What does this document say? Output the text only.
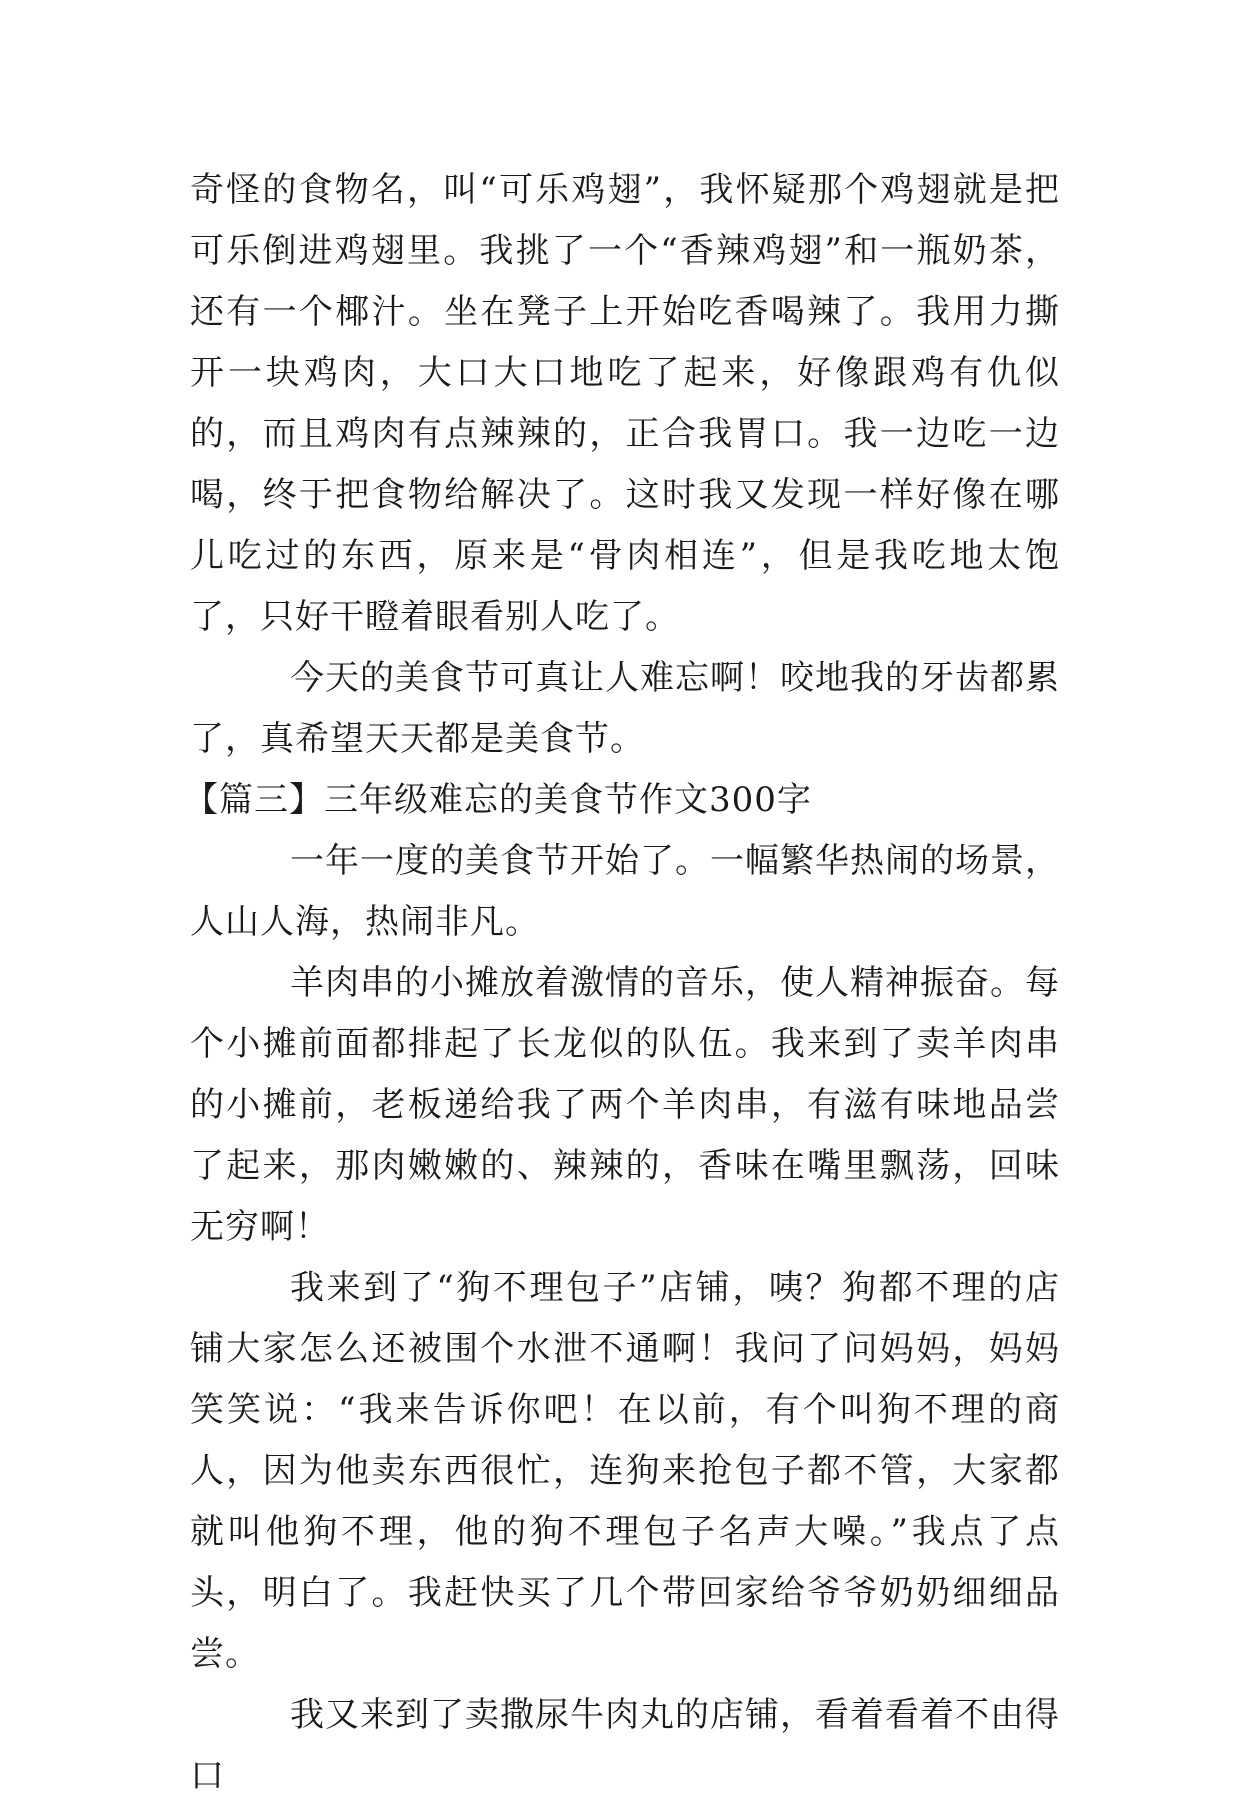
奇怪的食物名，叫“可乐鸡翅”，我怀疑那个鸡翅就是把可乐倒进鸡翅里。我挑了一个“香辣鸡翅”和一瓶奶茶，还有一个椰汁。坐在凳子上开始吃香喝辣了。我用力撕开一块鸡肉，大口大口地吃了起来，好像跟鸡有仇似的，而且鸡肉有点辣辣的，正合我胃口。我一边吃一边喝，终于把食物给解决了。这时我又发现一样好像在哪儿吃过的东西，原来是“骨肉相连”，但是我吃地太饱了，只好干瞪着眼看别人吃了。

今天的美食节可真让人难忘啊！咬地我的牙齿都累了，真希望天天都是美食节。

【篇三】三年级难忘的美食节作文300字

一年一度的美食节开始了。一幅繁华热闹的场景，人山人海，热闹非凡。

羊肉串的小摊放着激情的音乐，使人精神振奋。每个小摊前面都排起了长龙似的队伍。我来到了卖羊肉串的小摊前，老板递给我了两个羊肉串，有滋有味地品尝了起来，那肉嫩嫩的、辣辣的，香味在嘴里飘荡，回味无穷啊！

我来到了“狗不理包子”店铺，咦？狗都不理的店铺大家怎么还被围个水泄不通啊！我问了问妈妈，妈妈笑笑说：“我来告诉你吧！在以前，有个叫狗不理的商人，因为他卖东西很忙，连狗来抢包子都不管，大家都就叫他狗不理，他的狗不理包子名声大噪。”我点了点头，明白了。我赶快买了几个带回家给爷爷奶奶细细品尝。

我又来到了卖撒尿牛肉丸的店铺，看着看着不由得口
